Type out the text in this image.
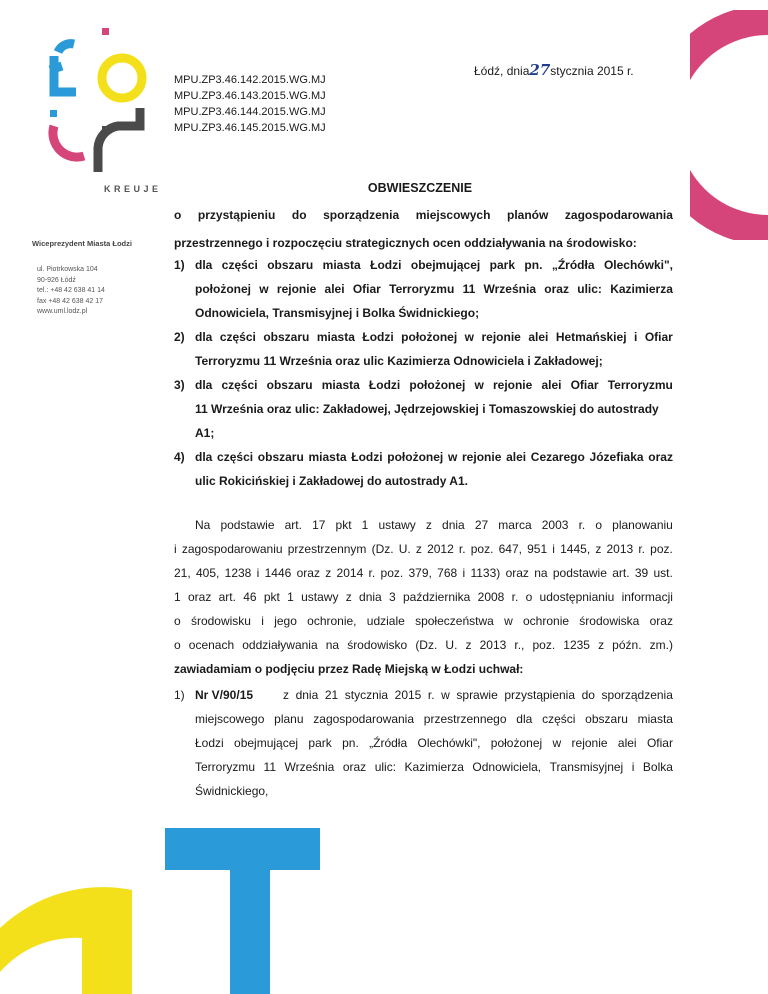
KREUJE
Wiceprezydent Miasta Łodzi
ul. Piotrkowska 104
90-926 Łódź
tel.: +48 42 638 41 14
fax +48 42 638 42 17
www.uml.lodz.pl
Łódź, dnia27stycznia 2015 r.
MPU.ZP3.46.142.2015.WG.MJ
MPU.ZP3.46.143.2015.WG.MJ
MPU.ZP3.46.144.2015.WG.MJ
MPU.ZP3.46.145.2015.WG.MJ
OBWIESZCZENIE
o przystąpieniu do sporządzenia miejscowych planów zagospodarowania
przestrzennego i rozpoczęciu strategicznych ocen oddziaływania na środowisko:
1) dla części obszaru miasta Łodzi obejmującej park pn. „Źródła Olechówki",
położonej w rejonie alei Ofiar Terroryzmu 11 Września oraz ulic: Kazimierza
Odnowiciela, Transmisyjnej i Bolka Świdnickiego;
2) dla części obszaru miasta Łodzi położonej w rejonie alei Hetmańskiej i Ofiar
Terroryzmu 11 Września oraz ulic Kazimierza Odnowiciela i Zakładowej;
3) dla części obszaru miasta Łodzi położonej w rejonie alei Ofiar Terroryzmu
11 Września oraz ulic: Zakładowej, Jędrzejowskiej i Tomaszowskiej do autostrady
A1;
4) dla części obszaru miasta Łodzi położonej w rejonie alei Cezarego Józefiaka oraz
ulic Rokicińskiej i Zakładowej do autostrady A1.
Na podstawie art. 17 pkt 1 ustawy z dnia 27 marca 2003 r. o planowaniu
i zagospodarowaniu przestrzennym (Dz. U. z 2012 r. poz. 647, 951 i 1445, z 2013 r. poz.
21, 405, 1238 i 1446 oraz z 2014 r. poz. 379, 768 i 1133) oraz na podstawie art. 39 ust.
1 oraz art. 46 pkt 1 ustawy z dnia 3 października 2008 r. o udostępnianiu informacji
o środowisku i jego ochronie, udziale społeczeństwa w ochronie środowiska oraz
o ocenach oddziaływania na środowisko (Dz. U. z 2013 r., poz. 1235 z późn. zm.)
zawiadamiam o podjęciu przez Radę Miejską w Łodzi uchwał:
1) Nr V/90/15 z dnia 21 stycznia 2015 r. w sprawie przystąpienia do sporządzenia
miejscowego planu zagospodarowania przestrzennego dla części obszaru miasta
Łodzi obejmującej park pn. „Źródła Olechówki", położonej w rejonie alei Ofiar
Terroryzmu 11 Września oraz ulic: Kazimierza Odnowiciela, Transmisyjnej i Bolka
Świdnickiego,
